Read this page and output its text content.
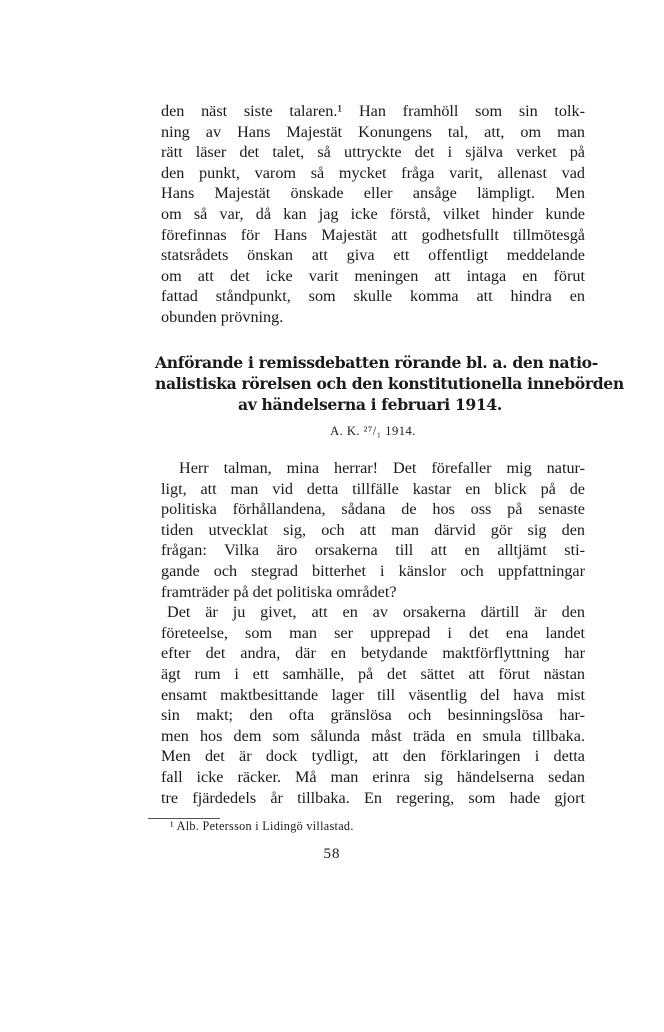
den näst siste talaren.¹ Han framhöll som sin tolk-
ning av Hans Majestät Konungens tal, att, om man
rätt läser det talet, så uttryckte det i själva verket på
den punkt, varom så mycket fråga varit, allenast vad
Hans Majestät önskade eller ansåge lämpligt. Men
om så var, då kan jag icke förstå, vilket hinder kunde
förefinnas för Hans Majestät att godhetsfullt tillmötesgå
statsrådets önskan att giva ett offentligt meddelande
om att det icke varit meningen att intaga en förut
fattad ståndpunkt, som skulle komma att hindra en
obunden prövning.
Anförande i remissdebatten rörande bl. a. den natio-
nalistiska rörelsen och den konstitutionella innebörden
av händelserna i februari 1914.
A. K. ²⁷/₁ 1914.
Herr talman, mina herrar! Det förefaller mig natur-
ligt, att man vid detta tillfälle kastar en blick på de
politiska förhållandena, sådana de hos oss på senaste
tiden utvecklat sig, och att man därvid gör sig den
frågan: Vilka äro orsakerna till att en alltjämt sti-
gande och stegrad bitterhet i känslor och uppfattningar
framträder på det politiska området?
Det är ju givet, att en av orsakerna därtill är den
företeelse, som man ser upprepad i det ena landet
efter det andra, där en betydande maktförflyttning har
ägt rum i ett samhälle, på det sättet att förut nästan
ensamt maktbesittande lager till väsentlig del hava mist
sin makt; den ofta gränslösa och besinningslösa har-
men hos dem som sålunda måst träda en smula tillbaka.
Men det är dock tydligt, att den förklaringen i detta
fall icke räcker. Må man erinra sig händelserna sedan
tre fjärdedels år tillbaka. En regering, som hade gjort
¹ Alb. Petersson i Lidingö villastad.
58
